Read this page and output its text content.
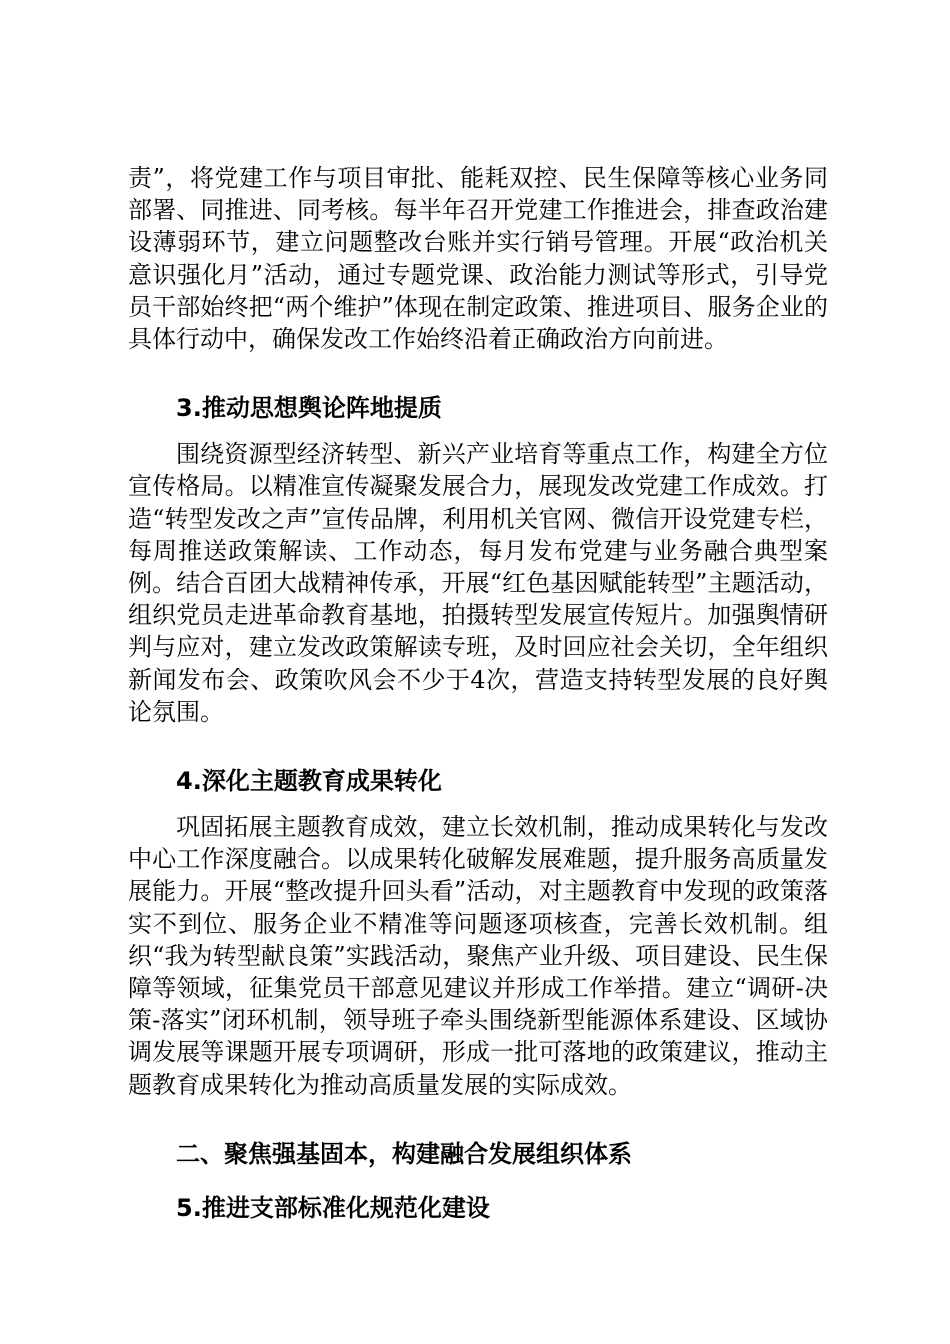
责”，将党建工作与项目审批、能耗双控、民生保障等核心业务同部署、同推进、同考核。每半年召开党建工作推进会，排查政治建设薄弱环节，建立问题整改台账并实行销号管理。开展“政治机关意识强化月”活动，通过专题党课、政治能力测试等形式，引导党员干部始终把“两个维护”体现在制定政策、推进项目、服务企业的具体行动中，确保发改工作始终沿着正确政治方向前进。

3.推动思想舆论阵地提质

围绕资源型经济转型、新兴产业培育等重点工作，构建全方位宣传格局。以精准宣传凝聚发展合力，展现发改党建工作成效。打造“转型发改之声”宣传品牌，利用机关官网、微信开设党建专栏，每周推送政策解读、工作动态，每月发布党建与业务融合典型案例。结合百团大战精神传承，开展“红色基因赋能转型”主题活动，组织党员走进革命教育基地，拍摄转型发展宣传短片。加强舆情研判与应对，建立发改政策解读专班，及时回应社会关切，全年组织新闻发布会、政策吹风会不少于4次，营造支持转型发展的良好舆论氛围。

4.深化主题教育成果转化

巩固拓展主题教育成效，建立长效机制，推动成果转化与发改中心工作深度融合。以成果转化破解发展难题，提升服务高质量发展能力。开展“整改提升回头看”活动，对主题教育中发现的政策落实不到位、服务企业不精准等问题逐项核查，完善长效机制。组织“我为转型献良策”实践活动，聚焦产业升级、项目建设、民生保障等领域，征集党员干部意见建议并形成工作举措。建立“调研-决策-落实”闭环机制，领导班子牵头围绕新型能源体系建设、区域协调发展等课题开展专项调研，形成一批可落地的政策建议，推动主题教育成果转化为推动高质量发展的实际成效。

二、聚焦强基固本，构建融合发展组织体系

5.推进支部标准化规范化建设
